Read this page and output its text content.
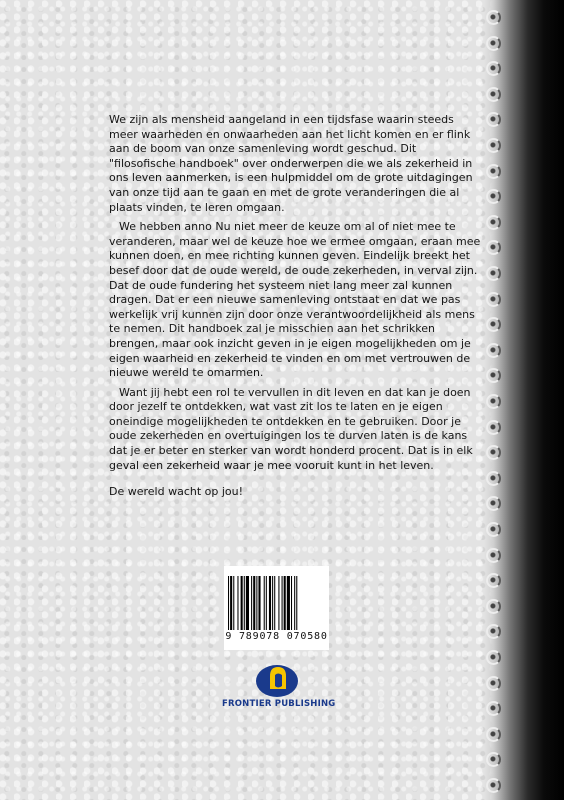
We zijn als mensheid aangeland in een tijdsfase waarin steeds meer waarheden en onwaarheden aan het licht komen en er flink aan de boom van onze samenleving wordt geschud. Dit "filosofische handboek" over onderwerpen die we als zekerheid in ons leven aanmerken, is een hulpmiddel om de grote uitdagingen van onze tijd aan te gaan en met de grote veranderingen die al plaats vinden, te leren omgaan.

We hebben anno Nu niet meer de keuze om al of niet mee te veranderen, maar wel de keuze hoe we ermee omgaan, eraan mee kunnen doen, en mee richting kunnen geven. Eindelijk breekt het besef door dat de oude wereld, de oude zekerheden, in verval zijn. Dat de oude fundering het systeem niet lang meer zal kunnen dragen. Dat er een nieuwe samenleving ontstaat en dat we pas werkelijk vrij kunnen zijn door onze verantwoordelijkheid als mens te nemen. Dit handboek zal je misschien aan het schrikken brengen, maar ook inzicht geven in je eigen mogelijkheden om je eigen waarheid en zekerheid te vinden en om met vertrouwen de nieuwe wereld te omarmen.

Want jij hebt een rol te vervullen in dit leven en dat kan je doen door jezelf te ontdekken, wat vast zit los te laten en je eigen oneindige mogelijkheden te ontdekken en te gebruiken. Door je oude zekerheden en overtuigingen los te durven laten is de kans dat je er beter en sterker van wordt honderd procent. Dat is in elk geval een zekerheid waar je mee vooruit kunt in het leven.

De wereld wacht op jou!

9 789078 070580
FRONTIER PUBLISHING
